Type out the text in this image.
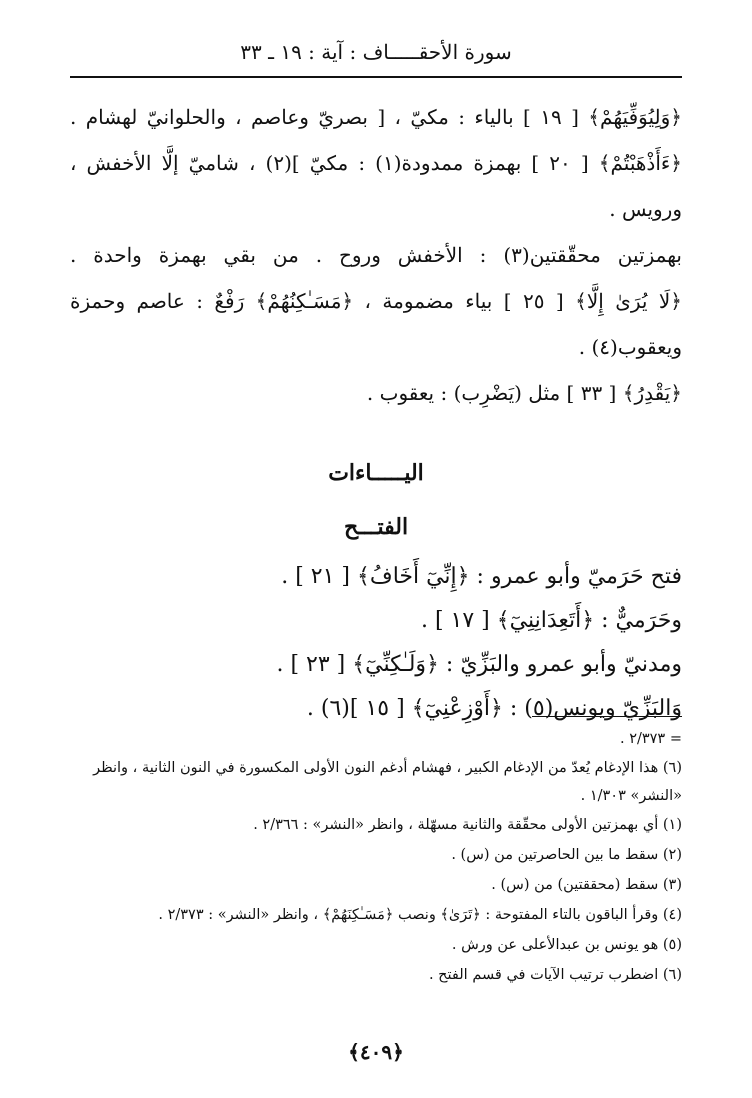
سورة الأحقـــــاف : آية : ١٩ ـ ٣٣
﴿وَلِيُوَفِّيَهُمْ﴾ [ ١٩ ] بالياء : مكيّ ، [ بصريّ وعاصم ، والحلوانيّ لهشام .
﴿ءَأَذْهَبْتُمْ﴾ [ ٢٠ ] بهمزة ممدودة(١) : مكيّ ](٢) ، شاميّ إلَّا الأخفش ،
ورويس .
بهمزتين محقّقتين(٣) : الأخفش وروح . من بقي بهمزة واحدة .
﴿لَا يُرَىٰ إِلَّا﴾ [ ٢٥ ] بياء مضمومة ، ﴿مَسَـٰكِنُهُمْ﴾ رَفْعٌ : عاصم وحمزة
ويعقوب(٤) .
﴿يَقْدِرُ﴾ [ ٣٣ ] مثل (يَضْرِب) : يعقوب .
اليـــــاءات
الفتـــح
فتح حَرَميّ وأبو عمرو : ﴿إِنِّيٓ أَخَافُ﴾ [ ٢١ ] .
وحَرَميٌّ : ﴿أَتَعِدَانِنِيٓ﴾ [ ١٧ ] .
ومدنيّ وأبو عمرو والبَزِّيّ : ﴿وَلَـٰكِنِّيٓ﴾ [ ٢٣ ] .
وَالبَزِّيّ ويونس(٥) : ﴿أَوْزِعْنِيٓ﴾ [ ١٥ ](٦) .
= ٢/٣٧٣ .
(٦) هذا الإدغام يُعدّ من الإدغام الكبير ، فهشام أدغم النون الأولى المكسورة في النون الثانية ، وانظر «النشر» ١/٣٠٣ .
(١) أي بهمزتين الأولى محقّقة والثانية مسهّلة ، وانظر «النشر» : ٢/٣٦٦ .
(٢) سقط ما بين الحاصرتين من (س) .
(٣) سقط (محققتين) من (س) .
(٤) وقرأ الباقون بالتاء المفتوحة : ﴿تَرَىٰ﴾ ونصب ﴿مَسَـٰكِنَهُمْ﴾ ، وانظر «النشر» : ٢/٣٧٣ .
(٥) هو يونس بن عبدالأعلى عن ورش .
(٦) اضطرب ترتيب الآيات في قسم الفتح .
﴿٤٠٩﴾
